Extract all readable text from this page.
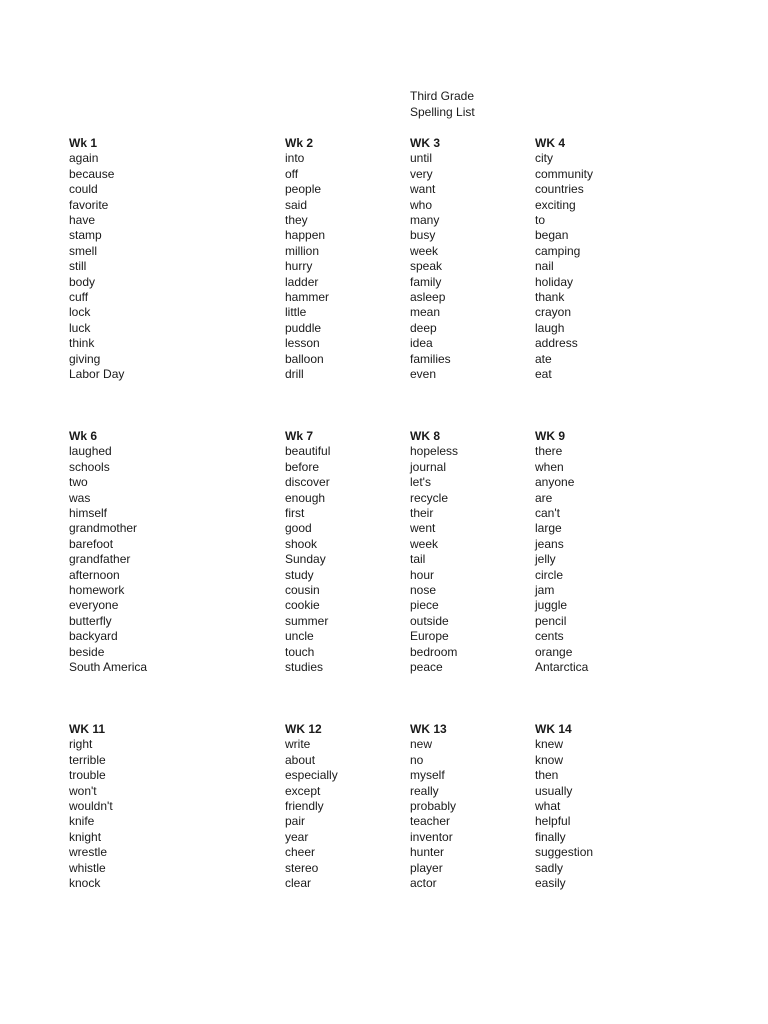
Third Grade
Spelling List
Wk 1
again
because
could
favorite
have
stamp
smell
still
body
cuff
lock
luck
think
giving
Labor Day
Wk 2
into
off
people
said
they
happen
million
hurry
ladder
hammer
little
puddle
lesson
balloon
drill
WK 3
until
very
want
who
many
busy
week
speak
family
asleep
mean
deep
idea
families
even
WK 4
city
community
countries
exciting
to
began
camping
nail
holiday
thank
crayon
laugh
address
ate
eat
Wk 6
laughed
schools
two
was
himself
grandmother
barefoot
grandfather
afternoon
homework
everyone
butterfly
backyard
beside
South America
Wk 7
beautiful
before
discover
enough
first
good
shook
Sunday
study
cousin
cookie
summer
uncle
touch
studies
WK 8
hopeless
journal
let's
recycle
their
went
week
tail
hour
nose
piece
outside
Europe
bedroom
peace
WK 9
there
when
anyone
are
can't
large
jeans
jelly
circle
jam
juggle
pencil
cents
orange
Antarctica
WK 11
right
terrible
trouble
won't
wouldn't
knife
knight
wrestle
whistle
knock
WK 12
write
about
especially
except
friendly
pair
year
cheer
stereo
clear
WK 13
new
no
myself
really
probably
teacher
inventor
hunter
player
actor
WK 14
knew
know
then
usually
what
helpful
finally
suggestion
sadly
easily
